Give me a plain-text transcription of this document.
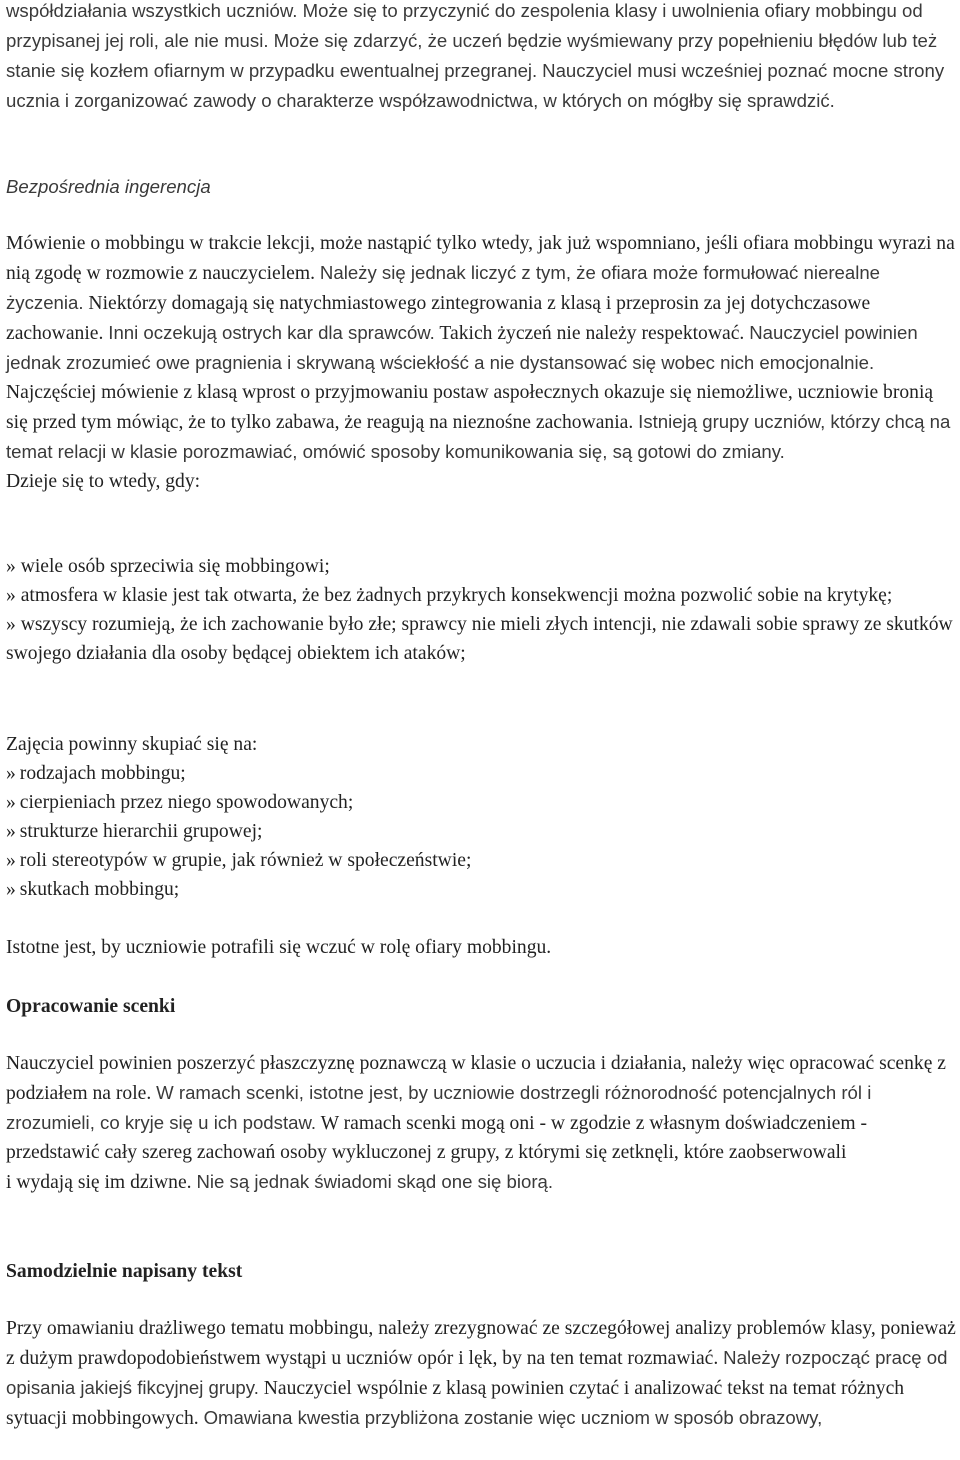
współdziałania wszystkich uczniów. Może się to przyczynić do zespolenia klasy i uwolnienia ofiary mobbingu od przypisanej jej roli, ale nie musi. Może się zdarzyć, że uczeń będzie wyśmiewany przy popełnieniu błędów lub też stanie się kozłem ofiarnym w przypadku ewentualnej przegranej. Nauczyciel musi wcześniej poznać mocne strony ucznia i zorganizować zawody o charakterze współzawodnictwa, w których on mógłby się sprawdzić.

Bezpośrednia ingerencja

Mówienie o mobbingu w trakcie lekcji, może nastąpić tylko wtedy, jak już wspomniano, jeśli ofiara mobbingu wyrazi na nią zgodę w rozmowie z nauczycielem. Należy się jednak liczyć z tym, że ofiara może formułować nierealne życzenia. Niektórzy domagają się natychmiastowego zintegrowania z klasą i przeprosin za jej dotychczasowe zachowanie. Inni oczekują ostrych kar dla sprawców. Takich życzeń nie należy respektować. Nauczyciel powinien jednak zrozumieć owe pragnienia i skrywaną wściekłość a nie dystansować się wobec nich emocjonalnie. Najczęściej mówienie z klasą wprost o przyjmowaniu postaw aspołecznych okazuje się niemożliwe, uczniowie bronią się przed tym mówiąc, że to tylko zabawa, że reagują na nieznośne zachowania. Istnieją grupy uczniów, którzy chcą na temat relacji w klasie porozmawiać, omówić sposoby komunikowania się, są gotowi do zmiany.
Dzieje się to wtedy, gdy:

» wiele osób sprzeciwia się mobbingowi;
» atmosfera w klasie jest tak otwarta, że bez żadnych przykrych konsekwencji można pozwolić sobie na krytykę;
» wszyscy rozumieją, że ich zachowanie było złe; sprawcy nie mieli złych intencji, nie zdawali sobie sprawy ze skutków swojego działania dla osoby będącej obiektem ich ataków;
Zajęcia powinny skupiać się na:
» rodzajach mobbingu;
» cierpieniach przez niego spowodowanych;
» strukturze hierarchii grupowej;
» roli stereotypów w grupie, jak również w społeczeństwie;
» skutkach mobbingu;

Istotne jest, by uczniowie potrafili się wczuć w rolę ofiary mobbingu.

Opracowanie scenki

Nauczyciel powinien poszerzyć płaszczyznę poznawczą w klasie o uczucia i działania, należy więc opracować scenkę z podziałem na role. W ramach scenki, istotne jest, by uczniowie dostrzegli różnorodność potencjalnych ról i zrozumieli, co kryje się u ich podstaw. W ramach scenki mogą oni - w zgodzie z własnym doświadczeniem - przedstawić cały szereg zachowań osoby wykluczonej z grupy, z którymi się zetknęli, które zaobserwowali
i wydają się im dziwne. Nie są jednak świadomi skąd one się biorą.

Samodzielnie napisany tekst

Przy omawianiu drażliwego tematu mobbingu, należy zrezygnować ze szczegółowej analizy problemów klasy, ponieważ z dużym prawdopodobieństwem wystąpi u uczniów opór i lęk, by na ten temat rozmawiać. Należy rozpocząć pracę od opisania jakiejś fikcyjnej grupy. Nauczyciel wspólnie z klasą powinien czytać i analizować tekst na temat różnych sytuacji mobbingowych. Omawiana kwestia przybliżona zostanie więc uczniom w sposób obrazowy,
